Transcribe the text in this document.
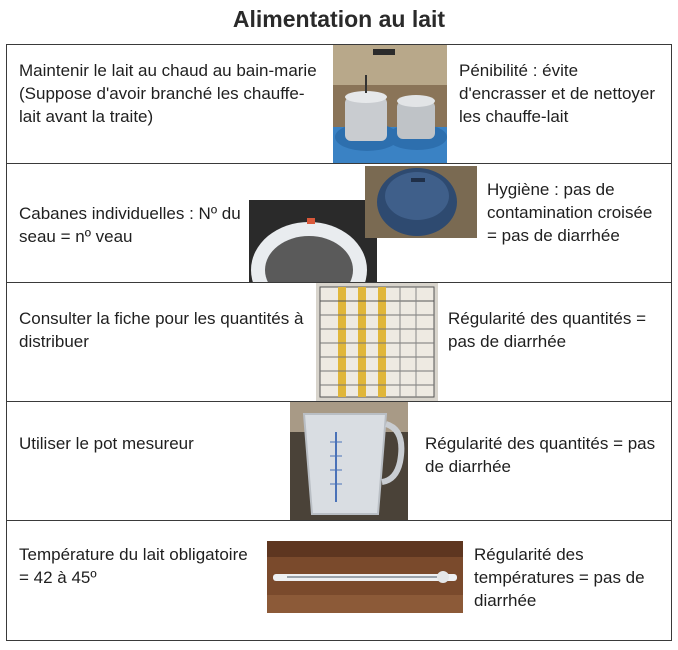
Alimentation au lait
Maintenir le lait au chaud au bain-marie (Suppose d'avoir branché les chauffe-lait avant la traite)
Pénibilité : évite d'encrasser et de nettoyer les chauffe-lait
Cabanes individuelles : Nº du seau = nº veau
Hygiène : pas de contamination croisée = pas de diarrhée
Consulter la fiche pour les quantités à distribuer
Régularité des quantités = pas de diarrhée
Utiliser le pot mesureur	Régularité des quantités = pas de diarrhée
Température du lait obligatoire = 42 à 45º
Régularité des températures = pas de diarrhée
